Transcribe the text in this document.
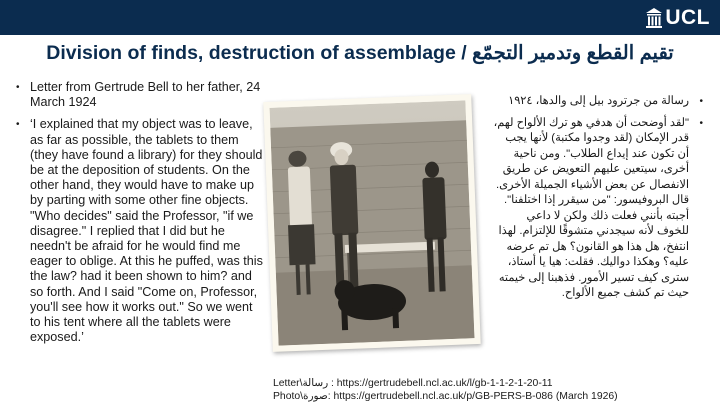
UCL
Division of finds, destruction of assemblage / تقيم القطع وتدمير التجمّع
• Letter from Gertrude Bell to her father, 24 March 1924
• ‘I explained that my object was to leave, as far as possible, the tablets to them (they have found a library) for they should be at the deposition of students. On the other hand, they would have to make up by parting with some other fine objects. "Who decides" said the Professor, "if we disagree." I replied that I did but he needn't be afraid for he would find me eager to oblige. At this he puffed, was this the law? had it been shown to him? and so forth. And I said "Come on, Professor, you'll see how it works out." So we went to his tent where all the tablets were exposed.’
•
رسالة من جرترود بيل إلى والدها، ١٩٢٤
•
"لقد أوضحت أن هدفي هو ترك الألواح لهم، قدر الإمكان (لقد وجدوا مكتبة) لأنها يجب أن تكون عند إيداع الطلاب". ومن ناحية أخرى، سيتعين عليهم التعويض عن طريق الانفصال عن بعض الأشياء الجميلة الأخرى. قال البروفيسور: "من سيقرر إذا اختلفنا". أجبته بأنني فعلت ذلك ولكن لا داعي للخوف لأنه سيجدني متشوقًا للإلتزام. لهذا انتفخ، هل هذا هو القانون؟ هل تم عرضه عليه؟ وهكذا دواليك. فقلت: هيا يا أستاذ، سترى كيف تسير الأمور. فذهبنا إلى خيمته حيث تم كشف جميع الألواح.
Letter\رسالة : https://gertrudebell.ncl.ac.uk/l/gb-1-1-2-1-20-11
Photo\صورة: https://gertrudebell.ncl.ac.uk/p/GB-PERS-B-086 (March 1926)
